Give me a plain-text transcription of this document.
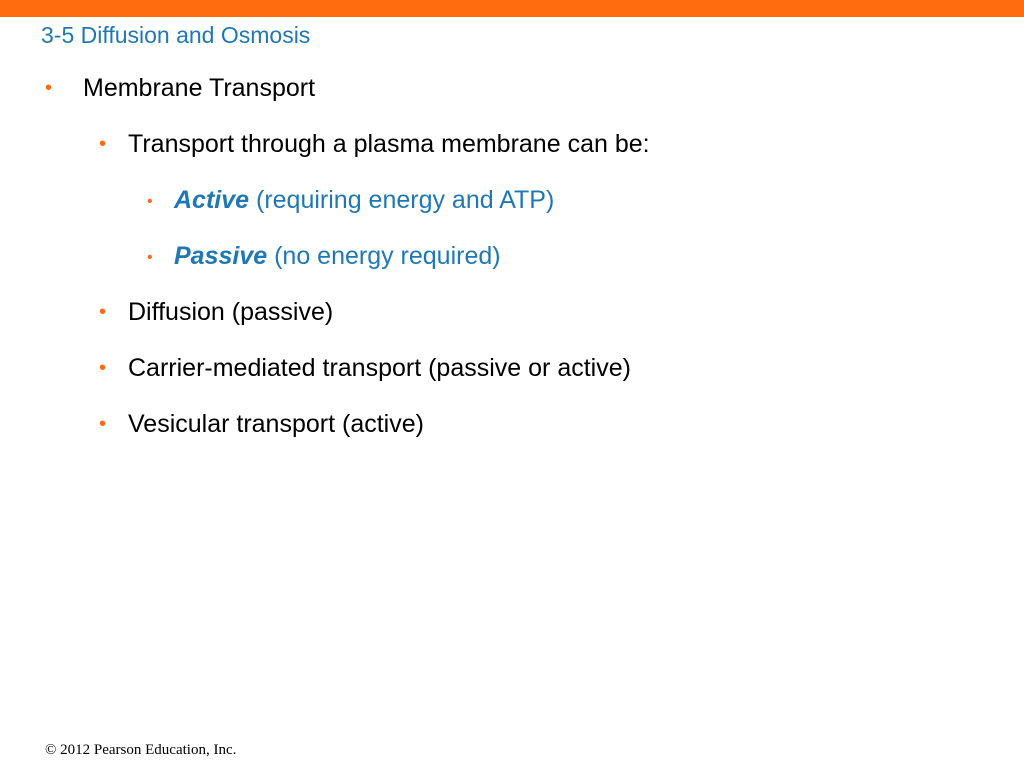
3-5 Diffusion and Osmosis
• Membrane Transport
• Transport through a plasma membrane can be:
• Active (requiring energy and ATP)
• Passive (no energy required)
• Diffusion (passive)
• Carrier-mediated transport (passive or active)
• Vesicular transport (active)
© 2012 Pearson Education, Inc.
